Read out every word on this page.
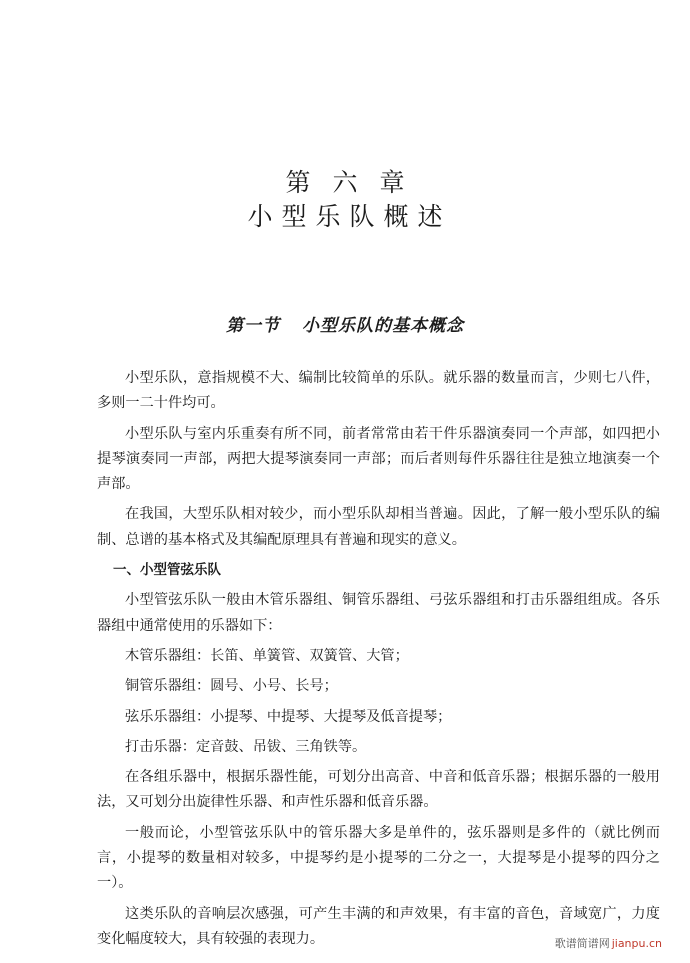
第六章
小型乐队概述
第一节 小型乐队的基本概念

小型乐队，意指规模不大、编制比较简单的乐队。就乐器的数量而言，少则七八件，多则一二十件均可。

小型乐队与室内乐重奏有所不同，前者常常由若干件乐器演奏同一个声部，如四把小提琴演奏同一声部，两把大提琴演奏同一声部；而后者则每件乐器往往是独立地演奏一个声部。

在我国，大型乐队相对较少，而小型乐队却相当普遍。因此，了解一般小型乐队的编制、总谱的基本格式及其编配原理具有普遍和现实的意义。

一、小型管弦乐队

小型管弦乐队一般由木管乐器组、铜管乐器组、弓弦乐器组和打击乐器组组成。各乐器组中通常使用的乐器如下：

木管乐器组：长笛、单簧管、双簧管、大管；
铜管乐器组：圆号、小号、长号；
弦乐乐器组：小提琴、中提琴、大提琴及低音提琴；
打击乐器：定音鼓、吊钹、三角铁等。

在各组乐器中，根据乐器性能，可划分出高音、中音和低音乐器；根据乐器的一般用法，又可划分出旋律性乐器、和声性乐器和低音乐器。

一般而论，小型管弦乐队中的管乐器大多是单件的，弦乐器则是多件的（就比例而言，小提琴的数量相对较多，中提琴约是小提琴的二分之一，大提琴是小提琴的四分之一）。

这类乐队的音响层次感强，可产生丰满的和声效果，有丰富的音色，音域宽广，力度变化幅度较大，具有较强的表现力。	歌谱简谱网 jianpu.cn
